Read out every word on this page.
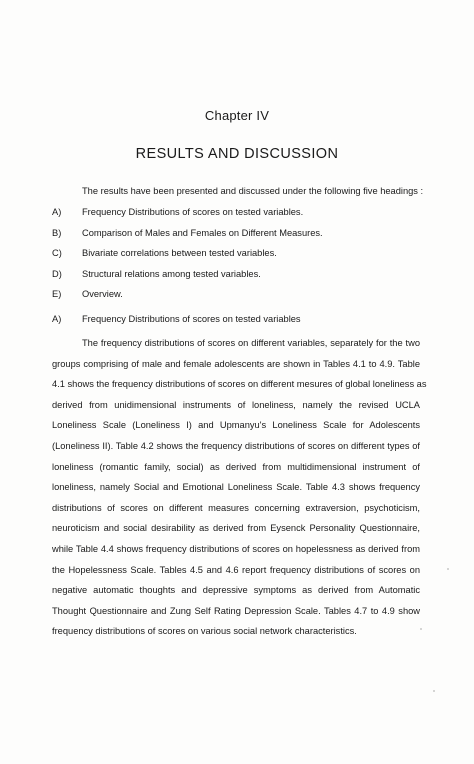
Chapter IV
RESULTS AND DISCUSSION
The results have been presented and discussed under the following five headings :
A) Frequency Distributions of scores on tested variables.
B) Comparison of Males and Females on Different Measures.
C) Bivariate correlations between tested variables.
D) Structural relations among tested variables.
E) Overview.
A) Frequency Distributions of scores on tested variables
The frequency distributions of scores on different variables, separately for the two
groups comprising of male and female adolescents are shown in Tables 4.1 to 4.9. Table
4.1 shows the frequency distributions of scores on different mesures of global loneliness as
derived from unidimensional instruments of loneliness, namely the revised UCLA
Loneliness Scale (Loneliness I) and Upmanyu's Loneliness Scale for Adolescents
(Loneliness II). Table 4.2 shows the frequency distributions of scores on different types of
loneliness (romantic family, social) as derived from multidimensional instrument of
loneliness, namely Social and Emotional Loneliness Scale. Table 4.3 shows frequency
distributions of scores on different measures concerning extraversion, psychoticism,
neuroticism and social desirability as derived from Eysenck Personality Questionnaire,
while Table 4.4 shows frequency distributions of scores on hopelessness as derived from
the Hopelessness Scale. Tables 4.5 and 4.6 report frequency distributions of scores on
negative automatic thoughts and depressive symptoms as derived from Automatic
Thought Questionnaire and Zung Self Rating Depression Scale. Tables 4.7 to 4.9 show
frequency distributions of scores on various social network characteristics.
